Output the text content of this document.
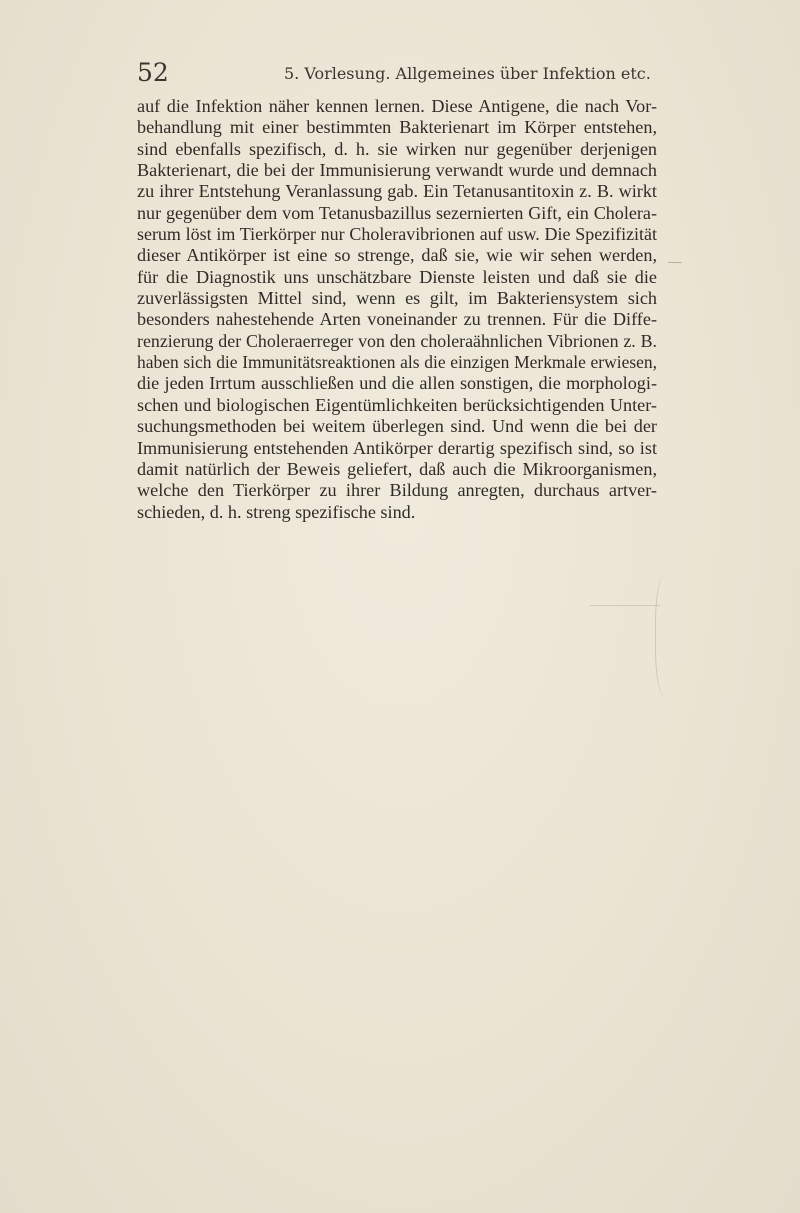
52	5. Vorlesung. Allgemeines über Infektion etc.
auf die Infektion näher kennen lernen. Diese Antigene, die nach Vor-
behandlung mit einer bestimmten Bakterienart im Körper entstehen,
sind ebenfalls spezifisch, d. h. sie wirken nur gegenüber derjenigen
Bakterienart, die bei der Immunisierung verwandt wurde und demnach
zu ihrer Entstehung Veranlassung gab. Ein Tetanusantitoxin z. B. wirkt
nur gegenüber dem vom Tetanusbazillus sezernierten Gift, ein Cholera-
serum löst im Tierkörper nur Choleravibrionen auf usw. Die Spezifizität
dieser Antikörper ist eine so strenge, daß sie, wie wir sehen werden,
für die Diagnostik uns unschätzbare Dienste leisten und daß sie die
zuverlässigsten Mittel sind, wenn es gilt, im Bakteriensystem sich
besonders nahestehende Arten voneinander zu trennen. Für die Diffe-
renzierung der Choleraerreger von den choleraähnlichen Vibrionen z. B.
haben sich die Immunitätsreaktionen als die einzigen Merkmale erwiesen,
die jeden Irrtum ausschließen und die allen sonstigen, die morphologi-
schen und biologischen Eigentümlichkeiten berücksichtigenden Unter-
suchungsmethoden bei weitem überlegen sind. Und wenn die bei der
Immunisierung entstehenden Antikörper derartig spezifisch sind, so ist
damit natürlich der Beweis geliefert, daß auch die Mikroorganismen,
welche den Tierkörper zu ihrer Bildung anregten, durchaus artver-
schieden, d. h. streng spezifische sind.
